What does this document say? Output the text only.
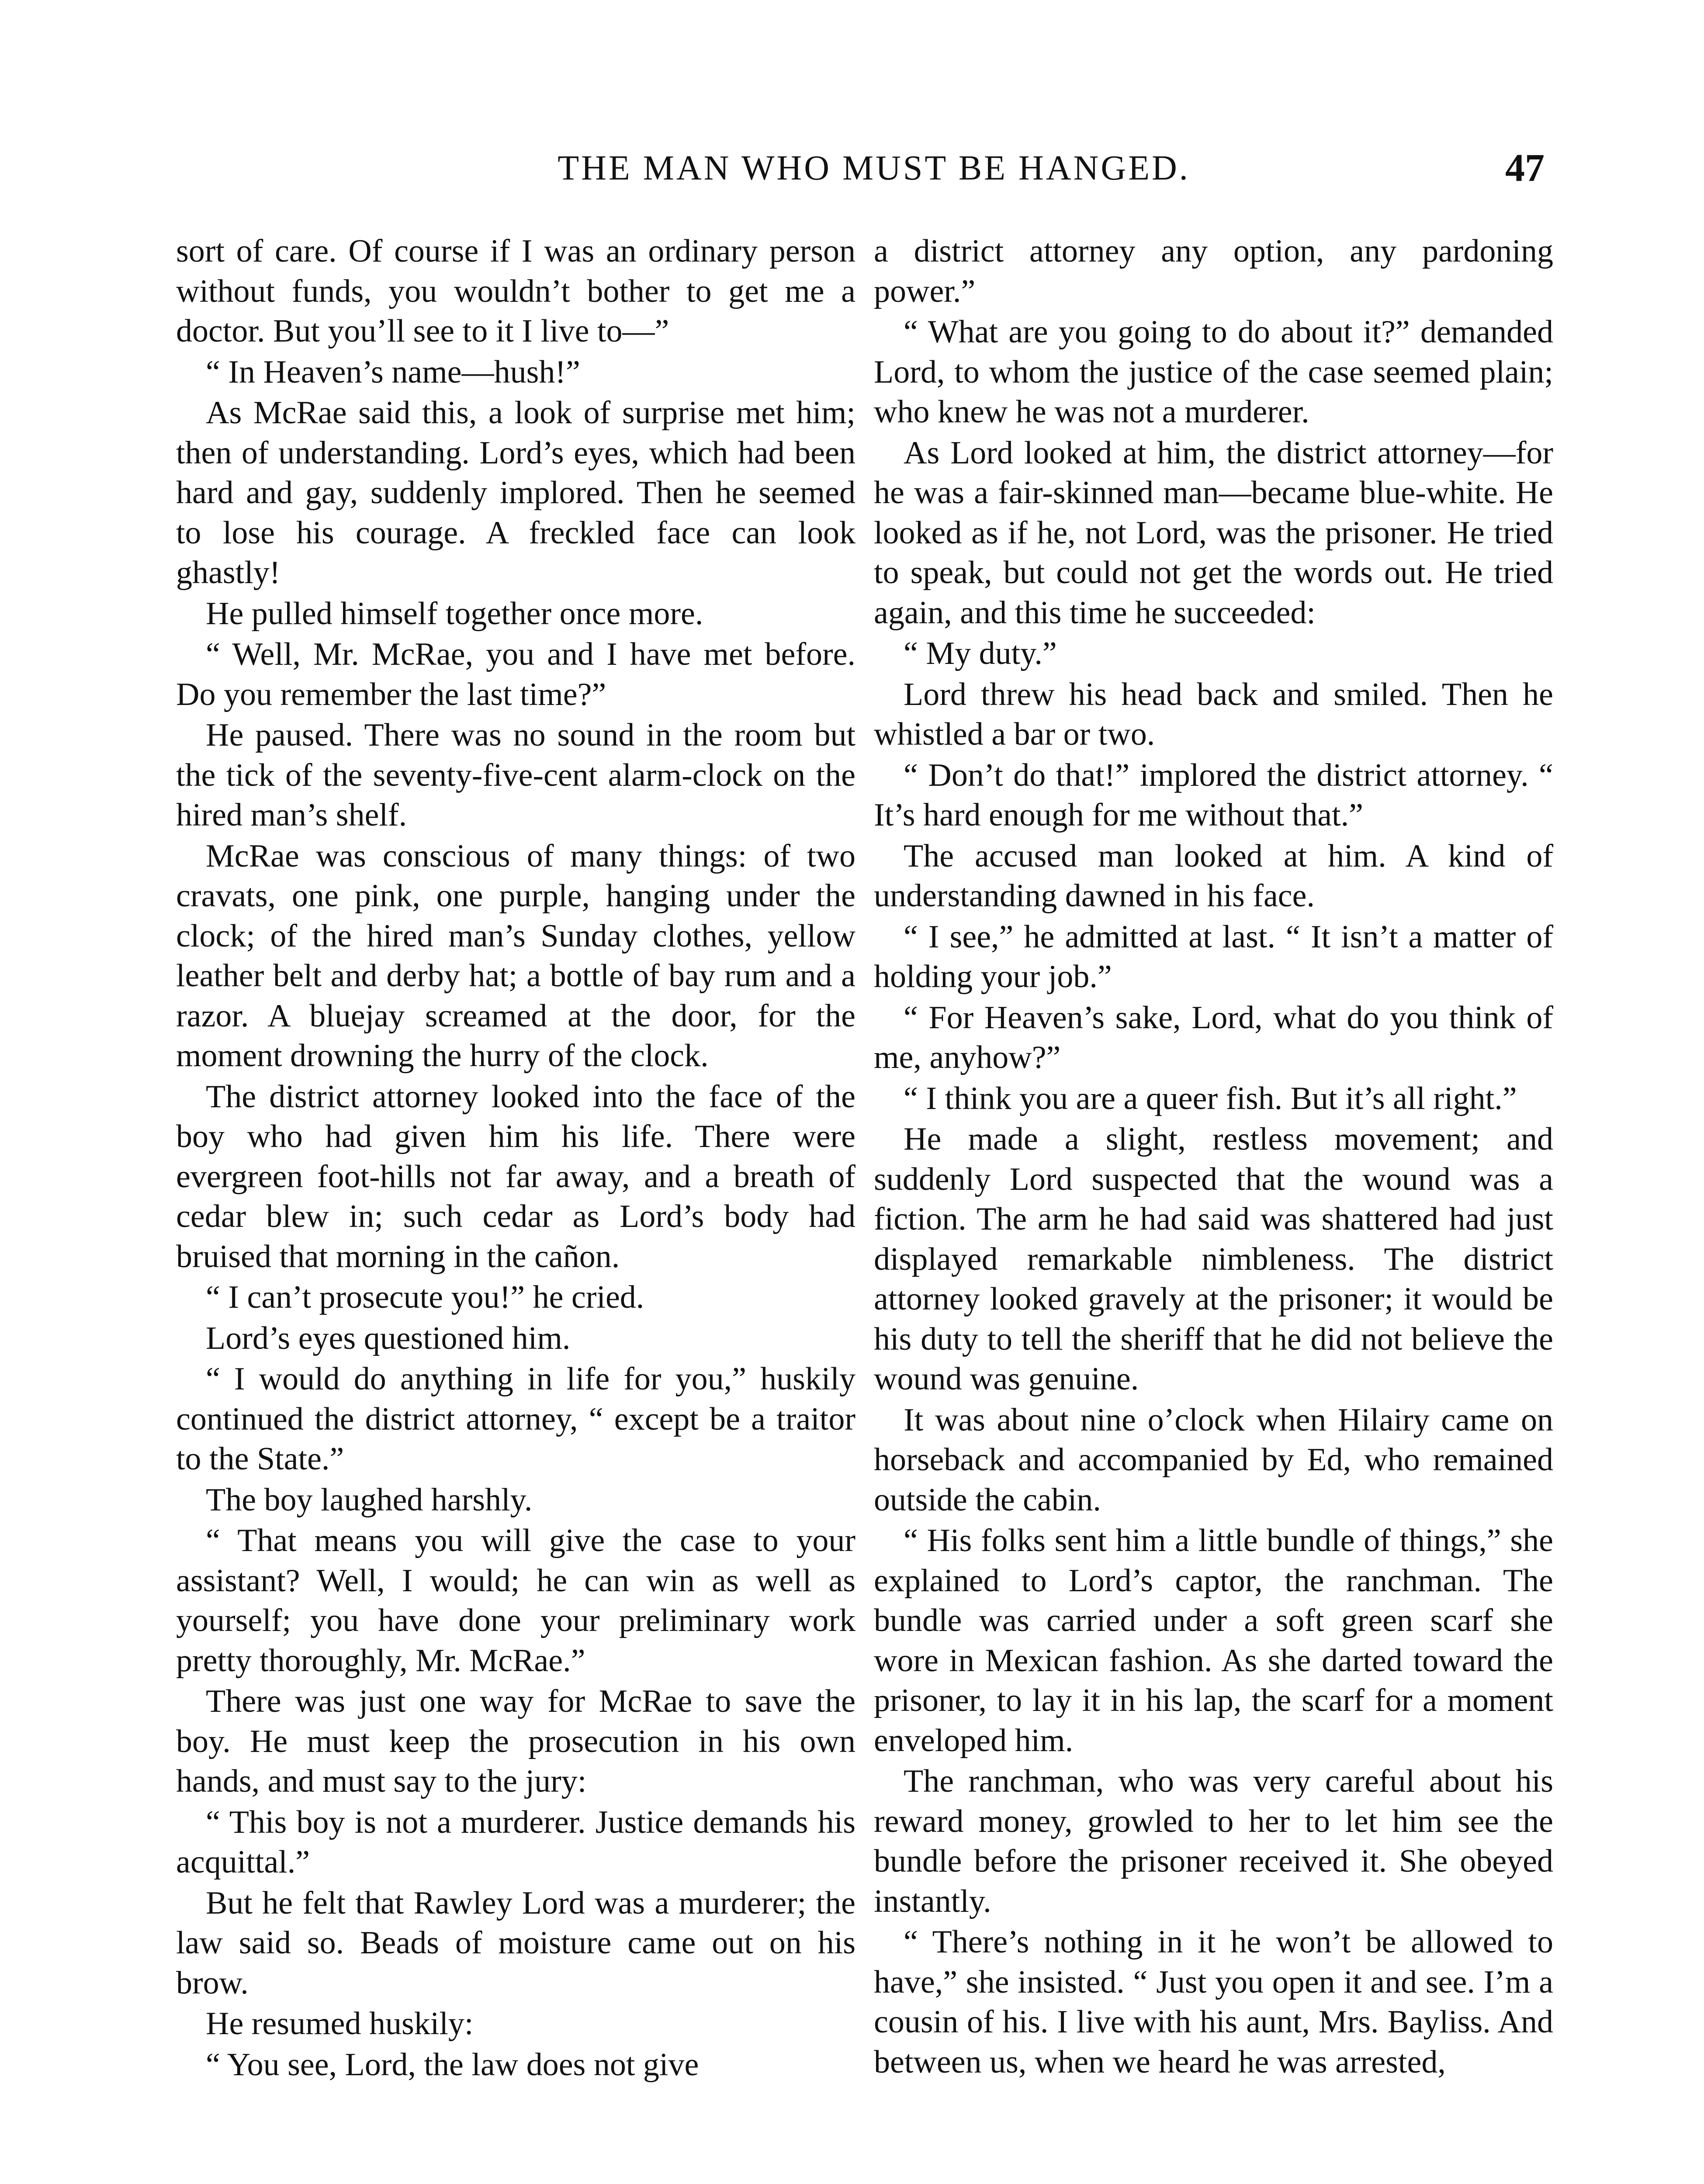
THE MAN WHO MUST BE HANGED.	47

sort of care. Of course if I was an ordinary person without funds, you wouldn’t bother to get me a doctor. But you’ll see to it I live to—”

“ In Heaven’s name—hush!”

As McRae said this, a look of surprise met him; then of understanding. Lord’s eyes, which had been hard and gay, suddenly implored. Then he seemed to lose his courage. A freckled face can look ghastly!

He pulled himself together once more.

“ Well, Mr. McRae, you and I have met before. Do you remember the last time?”

He paused. There was no sound in the room but the tick of the seventy-five-cent alarm-clock on the hired man’s shelf.

McRae was conscious of many things: of two cravats, one pink, one purple, hanging under the clock; of the hired man’s Sunday clothes, yellow leather belt and derby hat; a bottle of bay rum and a razor. A bluejay screamed at the door, for the moment drowning the hurry of the clock.

The district attorney looked into the face of the boy who had given him his life. There were evergreen foot-hills not far away, and a breath of cedar blew in; such cedar as Lord’s body had bruised that morning in the cañon.

“ I can’t prosecute you!” he cried.

Lord’s eyes questioned him.

“ I would do anything in life for you,” huskily continued the district attorney, “ except be a traitor to the State.”

The boy laughed harshly.

“ That means you will give the case to your assistant? Well, I would; he can win as well as yourself; you have done your preliminary work pretty thoroughly, Mr. McRae.”

There was just one way for McRae to save the boy. He must keep the prosecution in his own hands, and must say to the jury:

“ This boy is not a murderer. Justice demands his acquittal.”

But he felt that Rawley Lord was a murderer; the law said so. Beads of moisture came out on his brow.

He resumed huskily:

“ You see, Lord, the law does not give

a district attorney any option, any pardoning power.”

“ What are you going to do about it?” demanded Lord, to whom the justice of the case seemed plain; who knew he was not a murderer.

As Lord looked at him, the district attorney—for he was a fair-skinned man—became blue-white. He looked as if he, not Lord, was the prisoner. He tried to speak, but could not get the words out. He tried again, and this time he succeeded:

“ My duty.”

Lord threw his head back and smiled. Then he whistled a bar or two.

“ Don’t do that!” implored the district attorney. “ It’s hard enough for me without that.”

The accused man looked at him. A kind of understanding dawned in his face.

“ I see,” he admitted at last. “ It isn’t a matter of holding your job.”

“ For Heaven’s sake, Lord, what do you think of me, anyhow?”

“ I think you are a queer fish. But it’s all right.”

He made a slight, restless movement; and suddenly Lord suspected that the wound was a fiction. The arm he had said was shattered had just displayed remarkable nimbleness. The district attorney looked gravely at the prisoner; it would be his duty to tell the sheriff that he did not believe the wound was genuine.

It was about nine o’clock when Hilairy came on horseback and accompanied by Ed, who remained outside the cabin.

“ His folks sent him a little bundle of things,” she explained to Lord’s captor, the ranchman. The bundle was carried under a soft green scarf she wore in Mexican fashion. As she darted toward the prisoner, to lay it in his lap, the scarf for a moment enveloped him.

The ranchman, who was very careful about his reward money, growled to her to let him see the bundle before the prisoner received it. She obeyed instantly.

“ There’s nothing in it he won’t be allowed to have,” she insisted. “ Just you open it and see. I’m a cousin of his. I live with his aunt, Mrs. Bayliss. And between us, when we heard he was arrested,
